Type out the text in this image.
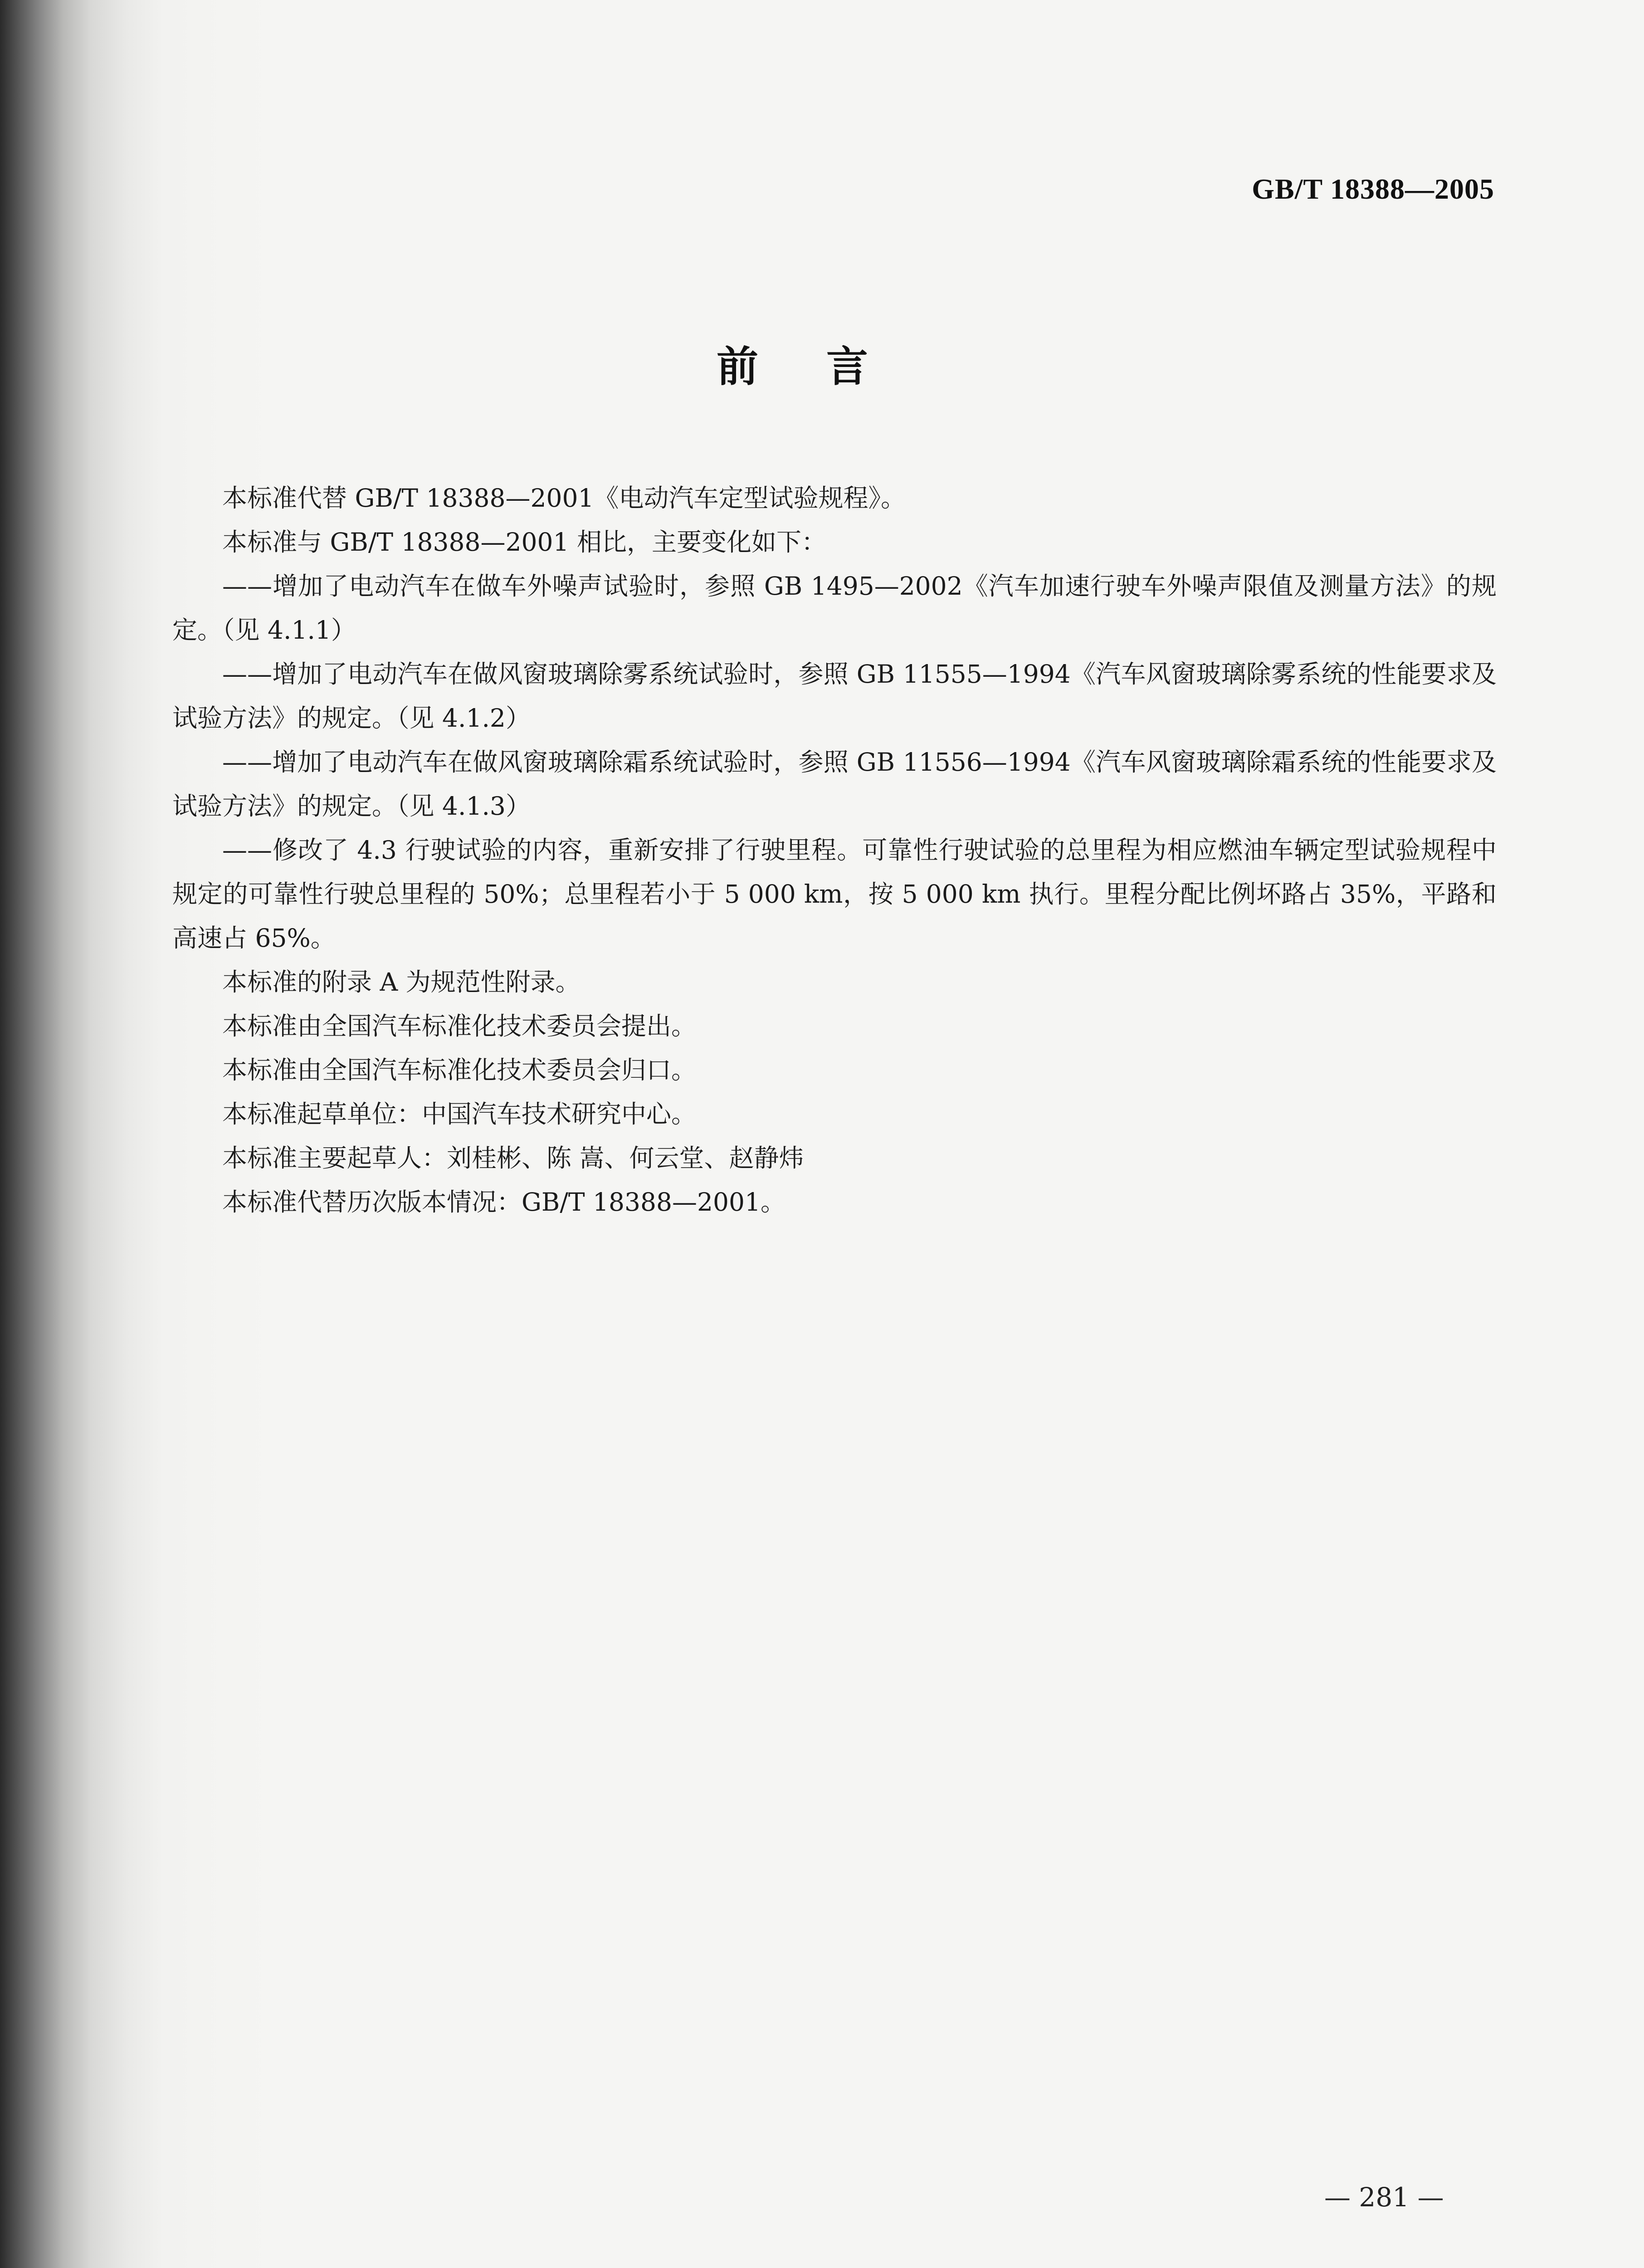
GB/T 18388—2005
前言

本标准代替 GB/T 18388—2001《电动汽车定型试验规程》。

本标准与 GB/T 18388—2001 相比，主要变化如下：

——增加了电动汽车在做车外噪声试验时，参照 GB 1495—2002《汽车加速行驶车外噪声限值及测量方法》的规定。（见 4.1.1）

——增加了电动汽车在做风窗玻璃除雾系统试验时，参照 GB 11555—1994《汽车风窗玻璃除雾系统的性能要求及试验方法》的规定。（见 4.1.2）

——增加了电动汽车在做风窗玻璃除霜系统试验时，参照 GB 11556—1994《汽车风窗玻璃除霜系统的性能要求及试验方法》的规定。（见 4.1.3）

——修改了 4.3 行驶试验的内容，重新安排了行驶里程。可靠性行驶试验的总里程为相应燃油车辆定型试验规程中规定的可靠性行驶总里程的 50%；总里程若小于 5 000 km，按 5 000 km 执行。里程分配比例坏路占 35%，平路和高速占 65%。

本标准的附录 A 为规范性附录。

本标准由全国汽车标准化技术委员会提出。

本标准由全国汽车标准化技术委员会归口。

本标准起草单位：中国汽车技术研究中心。

本标准主要起草人：刘桂彬、陈 嵩、何云堂、赵静炜

本标准代替历次版本情况：GB/T 18388—2001。

— 281 —
